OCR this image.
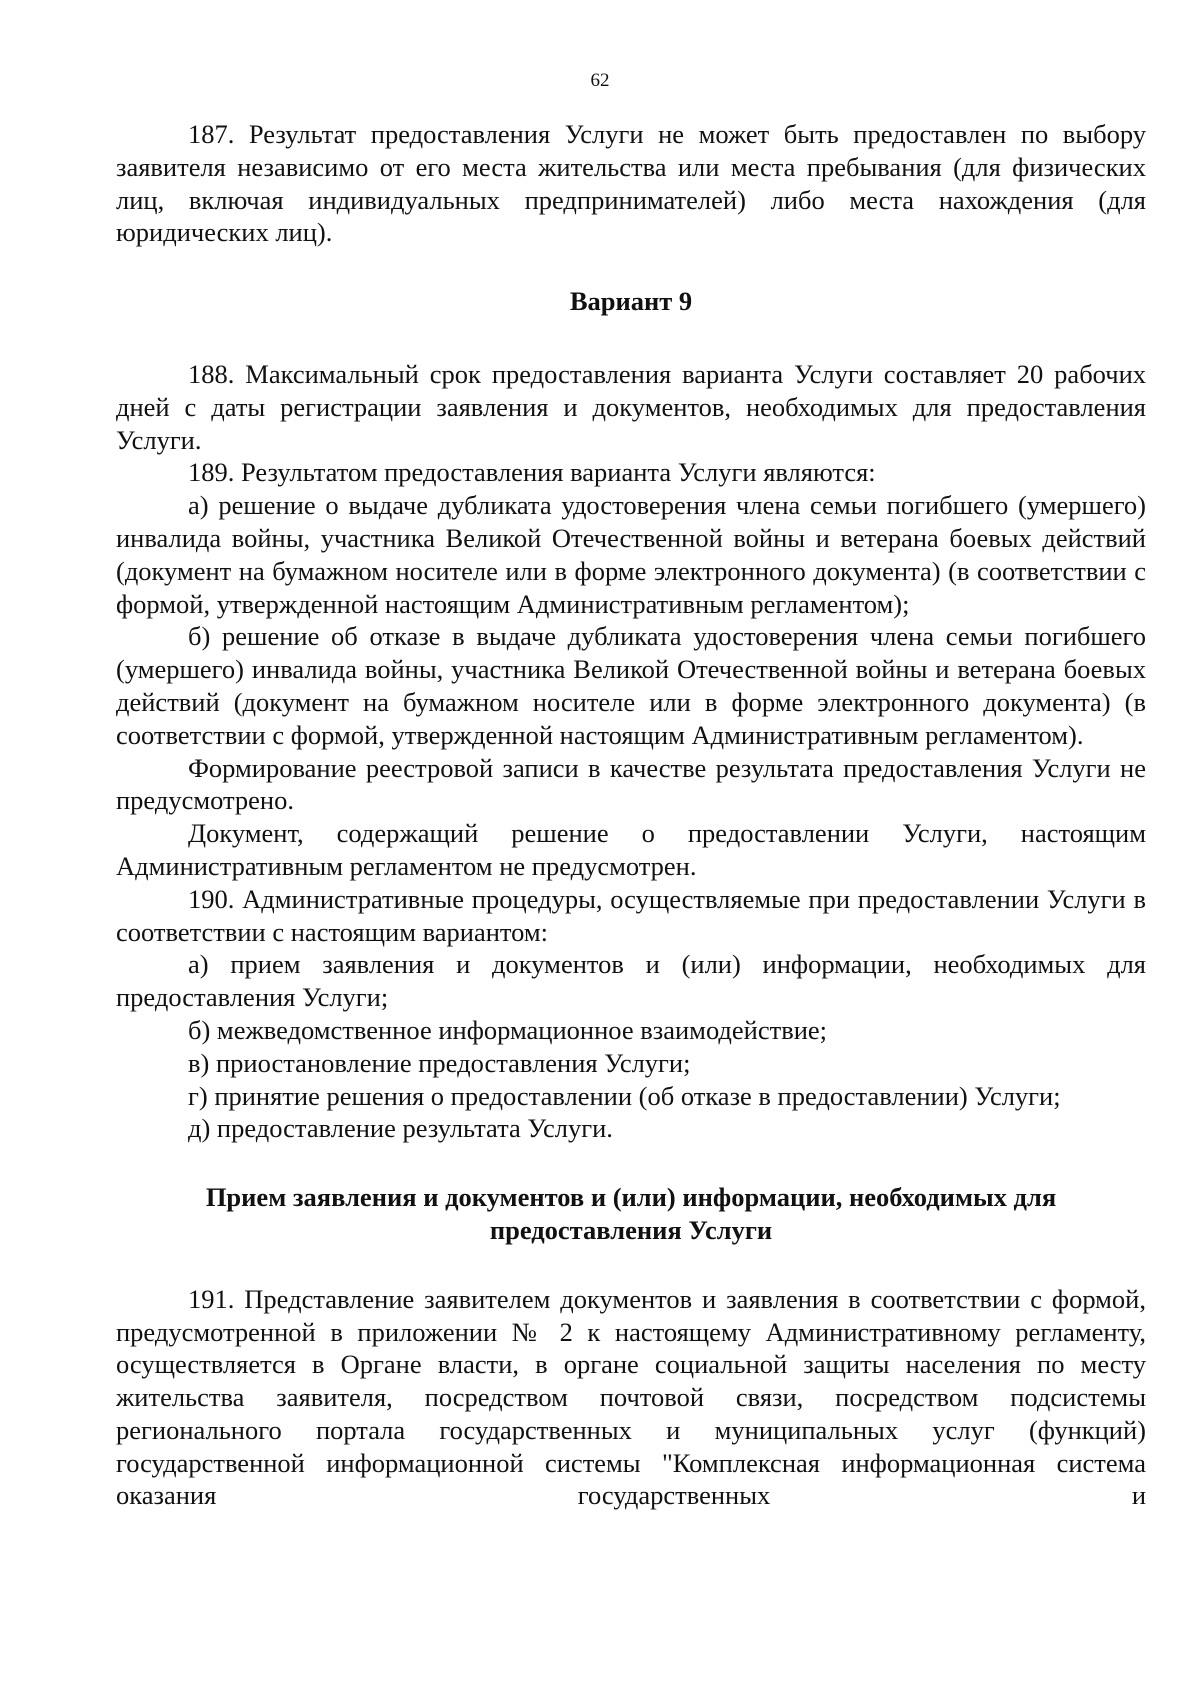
62

187. Результат предоставления Услуги не может быть предоставлен по выбору заявителя независимо от его места жительства или места пребывания (для физических лиц, включая индивидуальных предпринимателей) либо места нахождения (для юридических лиц).

Вариант 9

188. Максимальный срок предоставления варианта Услуги составляет 20 рабочих дней с даты регистрации заявления и документов, необходимых для предоставления Услуги.

189. Результатом предоставления варианта Услуги являются:

а) решение о выдаче дубликата удостоверения члена семьи погибшего (умершего) инвалида войны, участника Великой Отечественной войны и ветерана боевых действий (документ на бумажном носителе или в форме электронного документа) (в соответствии с формой, утвержденной настоящим Административным регламентом);

б) решение об отказе в выдаче дубликата удостоверения члена семьи погибшего (умершего) инвалида войны, участника Великой Отечественной войны и ветерана боевых действий (документ на бумажном носителе или в форме электронного документа) (в соответствии с формой, утвержденной настоящим Административным регламентом).

Формирование реестровой записи в качестве результата предоставления Услуги не предусмотрено.

Документ, содержащий решение о предоставлении Услуги, настоящим Административным регламентом не предусмотрен.

190. Административные процедуры, осуществляемые при предоставлении Услуги в соответствии с настоящим вариантом:

а) прием заявления и документов и (или) информации, необходимых для предоставления Услуги;

б) межведомственное информационное взаимодействие;

в) приостановление предоставления Услуги;

г) принятие решения о предоставлении (об отказе в предоставлении) Услуги;

д) предоставление результата Услуги.

Прием заявления и документов и (или) информации, необходимых для предоставления Услуги

191. Представление заявителем документов и заявления в соответствии с формой, предусмотренной в приложении № 2 к настоящему Административному регламенту, осуществляется в Органе власти, в органе социальной защиты населения по месту жительства заявителя, посредством почтовой связи, посредством подсистемы регионального портала государственных и муниципальных услуг (функций) государственной информационной системы "Комплексная информационная система оказания государственных и
